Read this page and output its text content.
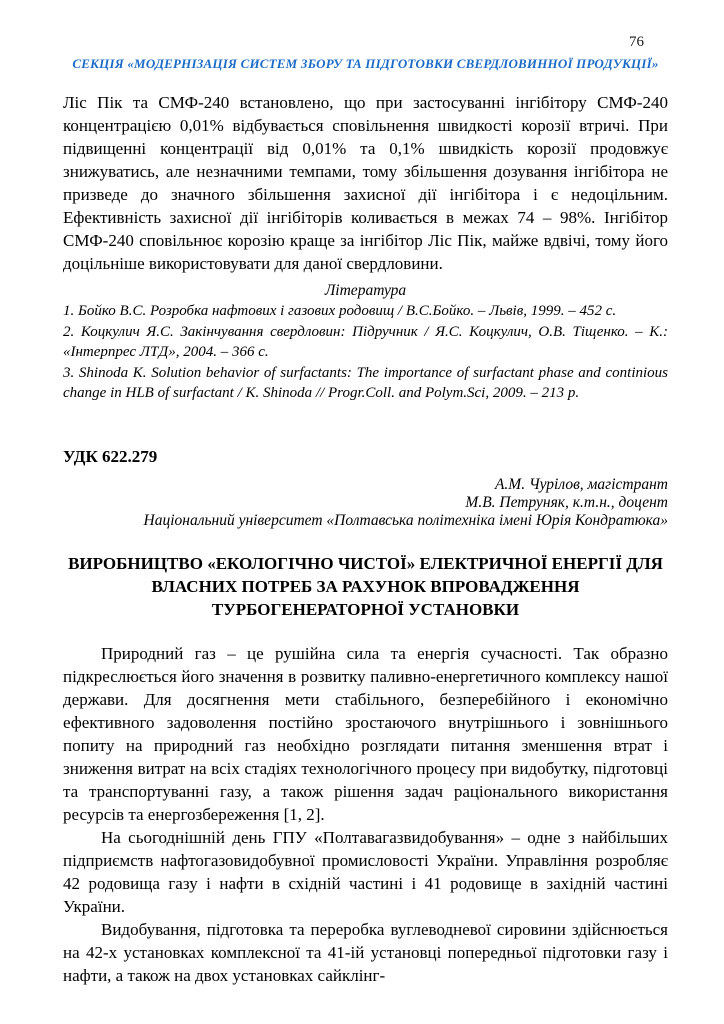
76
СЕКЦІЯ «МОДЕРНІЗАЦІЯ СИСТЕМ ЗБОРУ ТА ПІДГОТОВКИ СВЕРДЛОВИННОЇ ПРОДУКЦІЇ»

Ліс Пік та СМФ-240 встановлено, що при застосуванні інгібітору СМФ-240 концентрацією 0,01% відбувається сповільнення швидкості корозії втричі. При підвищенні концентрації від 0,01% та 0,1% швидкість корозії продовжує знижуватись, але незначними темпами, тому збільшення дозування інгібітора не призведе до значного збільшення захисної дії інгібітора і є недоцільним. Ефективність захисної дії інгібіторів коливається в межах 74 – 98%. Інгібітор СМФ-240 сповільнює корозію краще за інгібітор Ліс Пік, майже вдвічі, тому його доцільніше використовувати для даної свердловини.

Література

1. Бойко В.С. Розробка нафтових і газових родовищ / В.С.Бойко. – Львів, 1999. – 452 с.

2. Коцкулич Я.С. Закінчування свердловин: Підручник / Я.С. Коцкулич, О.В. Тіщенко. – К.: «Інтерпрес ЛТД», 2004. – 366 с.

3. Shinoda K. Solution behavior of surfactants: The importance of surfactant phase and continious change in HLB of surfactant / K. Shinoda // Progr.Coll. and Polym.Sci, 2009. – 213 p.

УДК 622.279
А.М. Чурілов, магістрант
М.В. Петруняк, к.т.н., доцент
Національний університет «Полтавська політехніка імені Юрія Кондратюка»
ВИРОБНИЦТВО «ЕКОЛОГІЧНО ЧИСТОЇ» ЕЛЕКТРИЧНОЇ ЕНЕРГІЇ ДЛЯ ВЛАСНИХ ПОТРЕБ ЗА РАХУНОК ВПРОВАДЖЕННЯ ТУРБОГЕНЕРАТОРНОЇ УСТАНОВКИ

Природний газ – це рушійна сила та енергія сучасності. Так образно підкреслюється його значення в розвитку паливно-енергетичного комплексу нашої держави. Для досягнення мети стабільного, безперебійного і економічно ефективного задоволення постійно зростаючого внутрішнього і зовнішнього попиту на природний газ необхідно розглядати питання зменшення втрат і зниження витрат на всіх стадіях технологічного процесу при видобутку, підготовці та транспортуванні газу, а також рішення задач раціонального використання ресурсів та енергозбереження [1, 2].

На сьогоднішній день ГПУ «Полтавагазвидобування» – одне з найбільших підприємств нафтогазовидобувної промисловості України. Управління розробляє 42 родовища газу і нафти в східній частині і 41 родовище в західній частині України.

Видобування, підготовка та переробка вуглеводневої сировини здійснюється на 42-х установках комплексної та 41-ій установці попередньої підготовки газу і нафти, а також на двох установках сайклінг-
